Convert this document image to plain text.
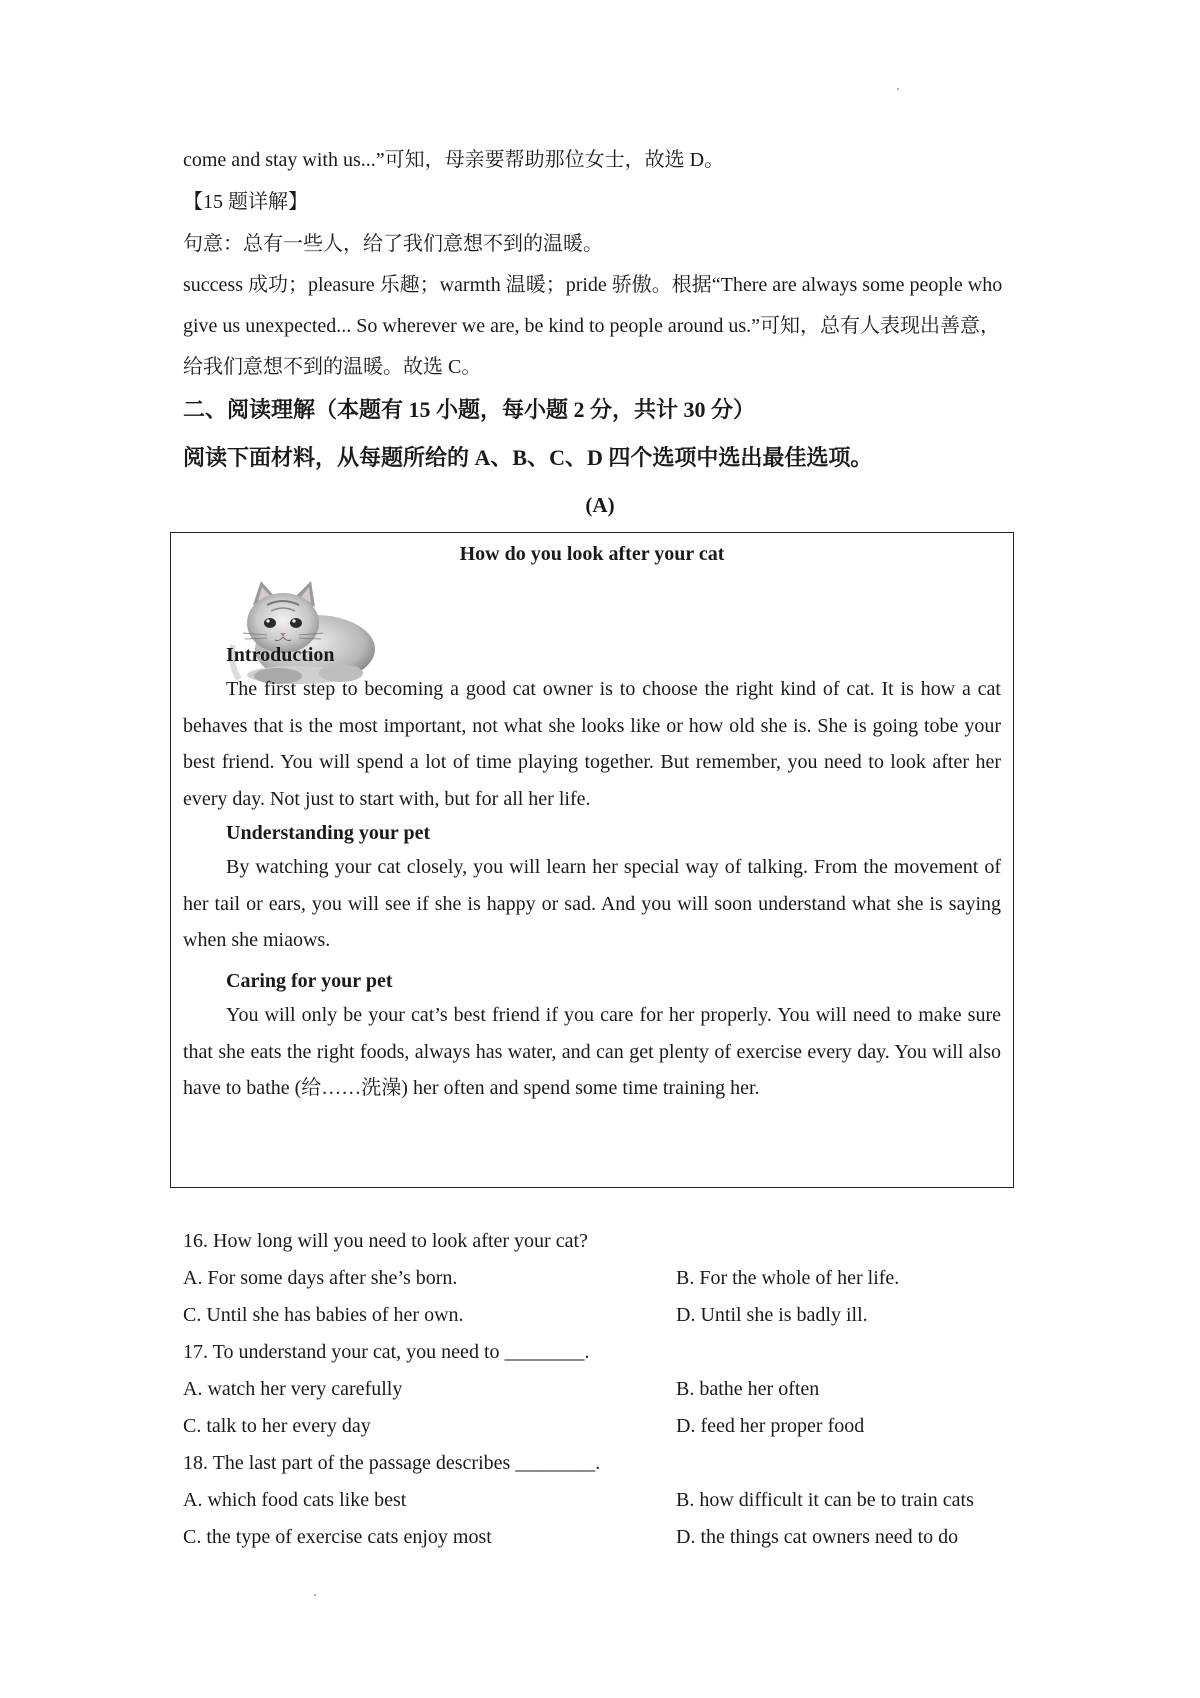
come and stay with us...”可知，母亲要帮助那位女士，故选 D。
【15 题详解】
句意：总有一些人，给了我们意想不到的温暖。
success 成功；pleasure 乐趣；warmth 温暖；pride 骄傲。根据“There are always some people who
give us unexpected... So wherever we are, be kind to people around us.”可知，总有人表现出善意，
给我们意想不到的温暖。故选 C。
二、阅读理解（本题有 15 小题，每小题 2 分，共计 30 分）
阅读下面材料，从每题所给的 A、B、C、D 四个选项中选出最佳选项。
(A)
How do you look after your cat
Introduction
The first step to becoming a good cat owner is to choose the right kind of cat. It is how a cat behaves that is the most important, not what she looks like or how old she is. She is going tobe your best friend. You will spend a lot of time playing together. But remember, you need to look after her every day. Not just to start with, but for all her life.
Understanding your pet
By watching your cat closely, you will learn her special way of talking. From the movement of her tail or ears, you will see if she is happy or sad. And you will soon understand what she is saying when she miaows.
Caring for your pet
You will only be your cat’s best friend if you care for her properly. You will need to make sure that she eats the right foods, always has water, and can get plenty of exercise every day. You will also have to bathe (给……洗澡) her often and spend some time training her.
16. How long will you need to look after your cat?
A. For some days after she’s born.	B. For the whole of her life.
C. Until she has babies of her own.	D. Until she is badly ill.
17. To understand your cat, you need to ________.
A. watch her very carefully	B. bathe her often
C. talk to her every day	D. feed her proper food
18. The last part of the passage describes ________.
A. which food cats like best	B. how difficult it can be to train cats
C. the type of exercise cats enjoy most	D. the things cat owners need to do
